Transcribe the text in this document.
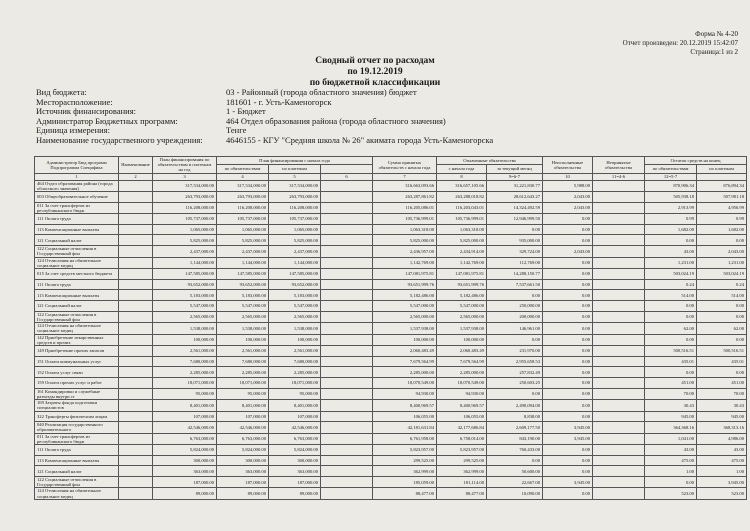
Форма № 4-20
Отчет произведен: 20.12.2019 15:42:07
Страница:1 из 2
Сводный отчет по расходам
по 19.12.2019
по бюджетной классификации
Вид бюджета:	03 - Районный (города областного значения) бюджет
Месторасположение:	181601 - г. Усть-Каменогорск
Источник финансирования:	1 - Бюджет
Администратор Бюджетных программ:	464 Отдел образования района (города областного значения)
Единица измерения:	Тенге
Наименование государственного учреждения:	4646155 - КГУ "Средняя школа № 26" акимата города Усть-Каменогорска
Администратор Бюд.программ Подпрограмма Специфика	Наименование	План финансирования по обязательствам и платежам на год	План финансирования с начала года			Сумма принятых обязательств с начала года	Оплаченные обязательства		Неисполненные обязательства	Непринятые обязательства	Остаток средств на конец		
			по обязательствам	по платежам			с начала года	за текущий месяц			по обязательствам	по платежам	
1	2	3	4	5	6	7	8	9=6-7	10	11=4-6	12=5-7		
464 Отдел образования района (города областного значения)		317,534,000.00	317,534,000.00	317,534,000.00		316,663,093.66	316,657,105.66	31,221,830.77	5,988.00		870,906.34	876,894.34	
003 Общеобразовательное обучение		263,793,000.00	263,793,000.00	263,793,000.00		263,287,861.82	263,288,018.82	28,612,643.27	2,043.00		505,938.18	507,981.18	
011 За счет трансфертов из республиканского бюдж		116,208,000.00	116,208,000.00	116,208,000.00		116,205,086.01	116,203,043.01	14,324,492.59	2,043.00		2,913.99	4,956.99	
111 Оплата труда		105,737,000.00	105,737,000.00	105,737,000.00		105,736,999.01	105,736,999.01	12,946,999.50	0.00		0.99	0.99	
113 Компенсационные выплаты		1,065,000.00	1,065,000.00	1,065,000.00		1,063,318.00	1,063,318.00	0.00	0.00		1,682.00	1,682.00	
121 Социальный налог		5,825,000.00	5,825,000.00	5,825,000.00		5,825,000.00	5,825,000.00	935,000.00	0.00		0.00	0.00	
122 Социальные отчисления в Государственный фон		2,437,000.00	2,437,000.00	2,437,000.00		2,436,957.00	2,434,914.00	329,724.00	2,043.00		43.00	2,043.00	
124 Отчисления на обязательное социальное медиц		1,144,000.00	1,144,000.00	1,144,000.00		1,142,769.00	1,142,769.00	112,769.00	0.00		1,231.00	1,231.00	
015 За счет средств местного бюджета		147,585,000.00	147,585,000.00	147,585,000.00		147,081,975.81	147,081,975.81	14,288,150.77	0.00		503,024.19	503,024.19	
111 Оплата труда		93,652,000.00	93,652,000.00	93,652,000.00		93,651,999.76	93,651,999.76	7,537,661.50	0.00		0.24	0.24	
113 Компенсационные выплаты		5,183,000.00	5,183,000.00	5,183,000.00		5,182,486.00	5,182,486.00	0.00	0.00		514.00	514.00	
121 Социальный налог		5,547,000.00	5,547,000.00	5,547,000.00		5,547,000.00	5,547,000.00	250,000.00	0.00		0.00	0.00	
122 Социальные отчисления в Государственный фон		2,565,000.00	2,565,000.00	2,565,000.00		2,565,000.00	2,565,000.00	200,000.00	0.00		0.00	0.00	
124 Отчисления на обязательное социальное медиц		1,538,000.00	1,538,000.00	1,538,000.00		1,537,938.00	1,537,938.00	146,961.00	0.00		62.00	62.00	
142 Приобретение лекарственных средств и прочих		100,000.00	100,000.00	100,000.00		100,000.00	100,000.00	0.00	0.00		0.00	0.00	
149 Приобретение прочих запасов		2,561,000.00	2,561,000.00	2,561,000.00		2,060,483.49	2,060,483.49	231,970.00	0.00		500,516.51	500,516.51	
151 Оплата коммунальных услуг		7,680,000.00	7,680,000.00	7,680,000.00		7,679,564.99	7,679,564.99	2,955,658.53	0.00		435.01	435.01	
152 Оплата услуг связи		2,285,000.00	2,285,000.00	2,285,000.00		2,285,000.00	2,285,000.00	257,832.49	0.00		0.00	0.00	
159 Оплата прочих услуг и работ		18,071,000.00	18,071,000.00	18,071,000.00		18,070,549.00	18,070,549.00	250,603.25	0.00		451.00	451.00	
161 Командировки и служебные разъезды внутри ст		95,000.00	95,000.00	95,000.00		94,930.00	94,930.00	0.00	0.00		70.00	70.00	
169 Затраты фонда подготовки специалистов		8,401,000.00	8,401,000.00	8,401,000.00		8,400,969.57	8,400,969.57	2,490,094.00	0.00		30.43	30.43	
322 Трансферты физическим лицам		107,000.00	107,000.00	107,000.00		106,055.00	106,055.00	8,838.00	0.00		945.00	945.00	
040 Реализация государственного образовательного		42,546,000.00	42,546,000.00	42,546,000.00		42,181,631.84	42,177,686.84	2,609,177.50	3,945.00		364,368.16	368,313.16	
011 За счет трансфертов из республиканского бюдж		6,763,000.00	6,763,000.00	6,763,000.00		6,761,958.00	6,758,014.00	843,190.00	3,945.00		1,041.00	4,986.00	
111 Оплата труда		5,824,000.00	5,824,000.00	5,824,000.00		5,823,957.00	5,823,957.00	760,433.00	0.00		43.00	43.00	
113 Компенсационные выплаты		300,000.00	300,000.00	300,000.00		299,525.00	299,525.00	0.00	0.00		475.00	475.00	
121 Социальный налог		363,000.00	363,000.00	363,000.00		362,999.00	362,999.00	50,600.00	0.00		1.00	1.00	
122 Социальные отчисления в Государственный фон		187,000.00	187,000.00	187,000.00		185,059.00	181,114.00	22,667.00	3,945.00		0.00	3,945.00	
124 Отчисления на обязательное социальное медиц		89,000.00	89,000.00	89,000.00		88,477.00	88,477.00	10,090.00	0.00		523.00	523.00	
